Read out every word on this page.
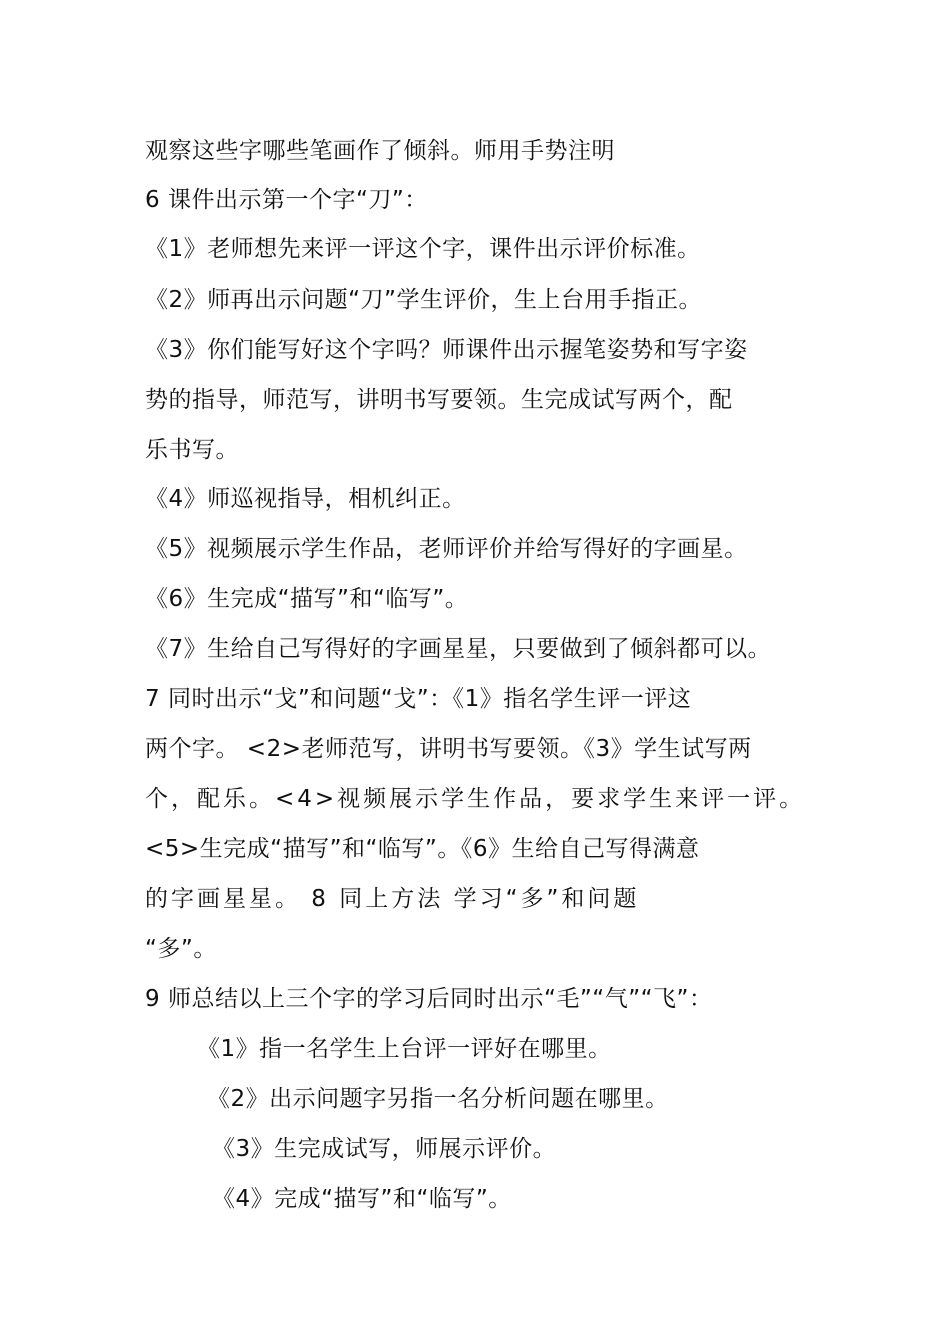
观察这些字哪些笔画作了倾斜。师用手势注明
6 课件出示第一个字“刀”：
《1》老师想先来评一评这个字，课件出示评价标准。
《2》师再出示问题“刀”学生评价，生上台用手指正。
《3》你们能写好这个字吗？师课件出示握笔姿势和写字姿
势的指导，师范写，讲明书写要领。生完成试写两个，配
乐书写。
《4》师巡视指导，相机纠正。
《5》视频展示学生作品，老师评价并给写得好的字画星。
《6》生完成“描写”和“临写”。
《7》生给自己写得好的字画星星，只要做到了倾斜都可以。
7 同时出示“戈”和问题“戈”：《1》指名学生评一评这
两个字。 <2>老师范写，讲明书写要领。《3》学生试写两
个，配乐。<4>视频展示学生作品，要求学生来评一评。
<5>生完成“描写”和“临写”。《6》生给自己写得满意
的字画星星。 8 同上方法 学习“多”和问题
“多”。
9 师总结以上三个字的学习后同时出示“毛”“气”“飞”：
《1》指一名学生上台评一评好在哪里。
《2》出示问题字另指一名分析问题在哪里。
《3》生完成试写，师展示评价。
《4》完成“描写”和“临写”。
